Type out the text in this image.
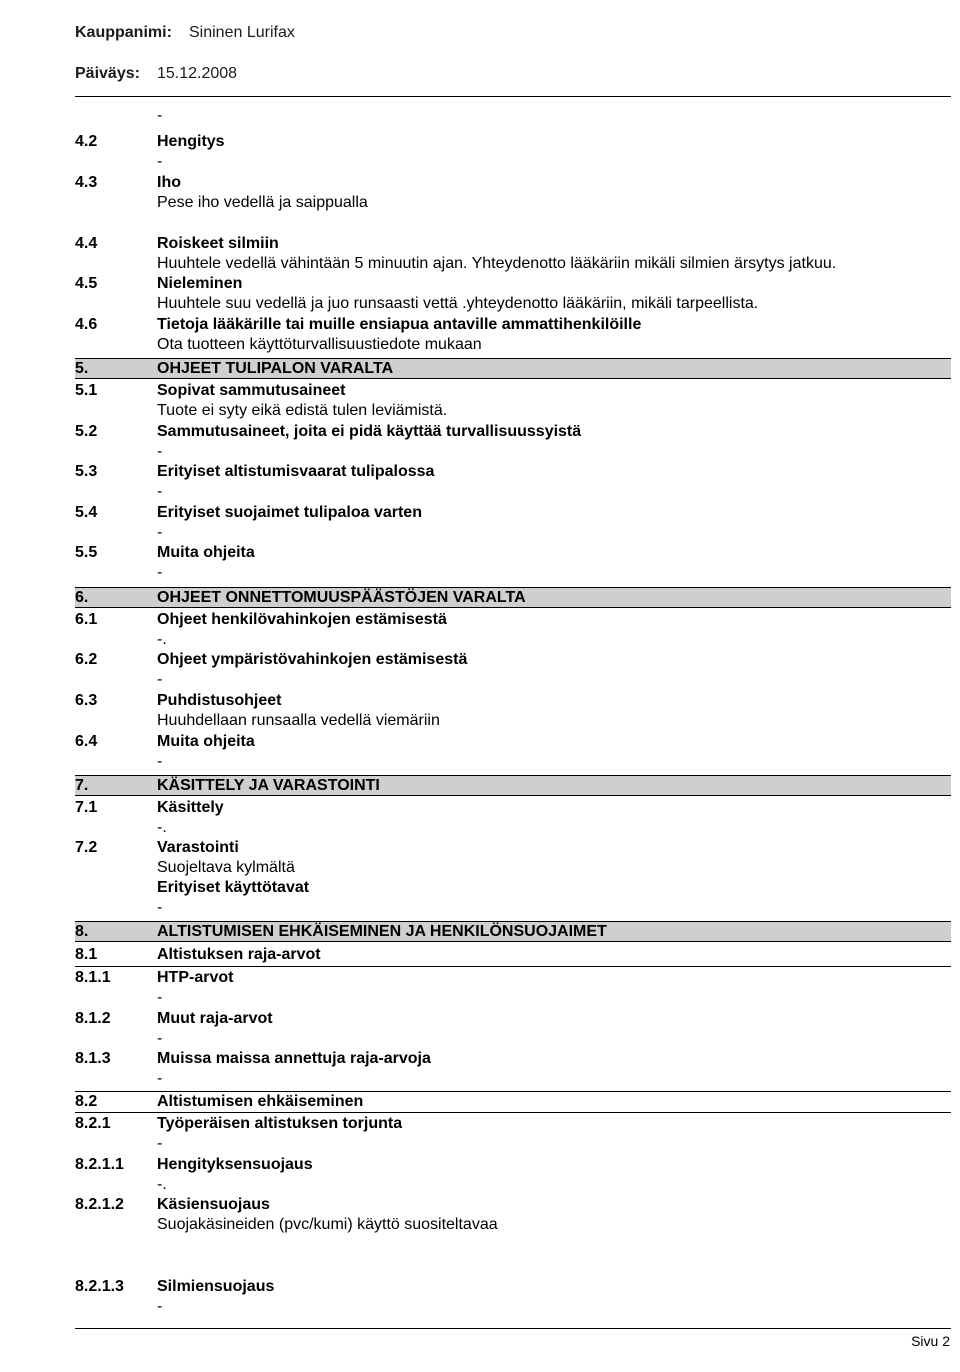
Kauppanimi: Sininen Lurifax
Päiväys: 15.12.2008
-
4.2	Hengitys
-
4.3	Iho
Pese iho vedellä ja saippualla
4.4	Roiskeet silmiin
Huuhtele vedellä vähintään 5 minuutin ajan. Yhteydenotto lääkäriin mikäli silmien ärsytys jatkuu.
4.5	Nieleminen
Huuhtele suu vedellä ja juo runsaasti vettä .yhteydenotto lääkäriin, mikäli tarpeellista.
4.6	Tietoja lääkärille tai muille ensiapua antaville ammattihenkilöille
Ota tuotteen käyttöturvallisuustiedote mukaan
5.	OHJEET TULIPALON VARALTA
5.1	Sopivat sammutusaineet
Tuote ei syty eikä edistä tulen leviämistä.
5.2	Sammutusaineet, joita ei pidä käyttää turvallisuussyistä
-
5.3	Erityiset altistumisvaarat tulipalossa
-
5.4	Erityiset suojaimet tulipaloa varten
-
5.5	Muita ohjeita
-
6.	OHJEET ONNETTOMUUSPÄÄSTÖJEN VARALTA
6.1	Ohjeet henkilövahinkojen estämisestä
-.
6.2	Ohjeet ympäristövahinkojen estämisestä
-
6.3	Puhdistusohjeet
Huuhdellaan runsaalla vedellä viemäriin
6.4	Muita ohjeita
-
7.	KÄSITTELY JA VARASTOINTI
7.1	Käsittely
-.
7.2	Varastointi
Suojeltava kylmältä
Erityiset käyttötavat
-
8.	ALTISTUMISEN EHKÄISEMINEN JA HENKILÖNSUOJAIMET
8.1	Altistuksen raja-arvot
8.1.1	HTP-arvot
-
8.1.2	Muut raja-arvot
-
8.1.3	Muissa maissa annettuja raja-arvoja
-
8.2	Altistumisen ehkäiseminen
8.2.1	Työperäisen altistuksen torjunta
-
8.2.1.1 Hengityksensuojaus
-.
8.2.1.2 Käsiensuojaus
Suojakäsineiden (pvc/kumi) käyttö suositeltavaa
8.2.1.3 Silmiensuojaus
-
Sivu 2
